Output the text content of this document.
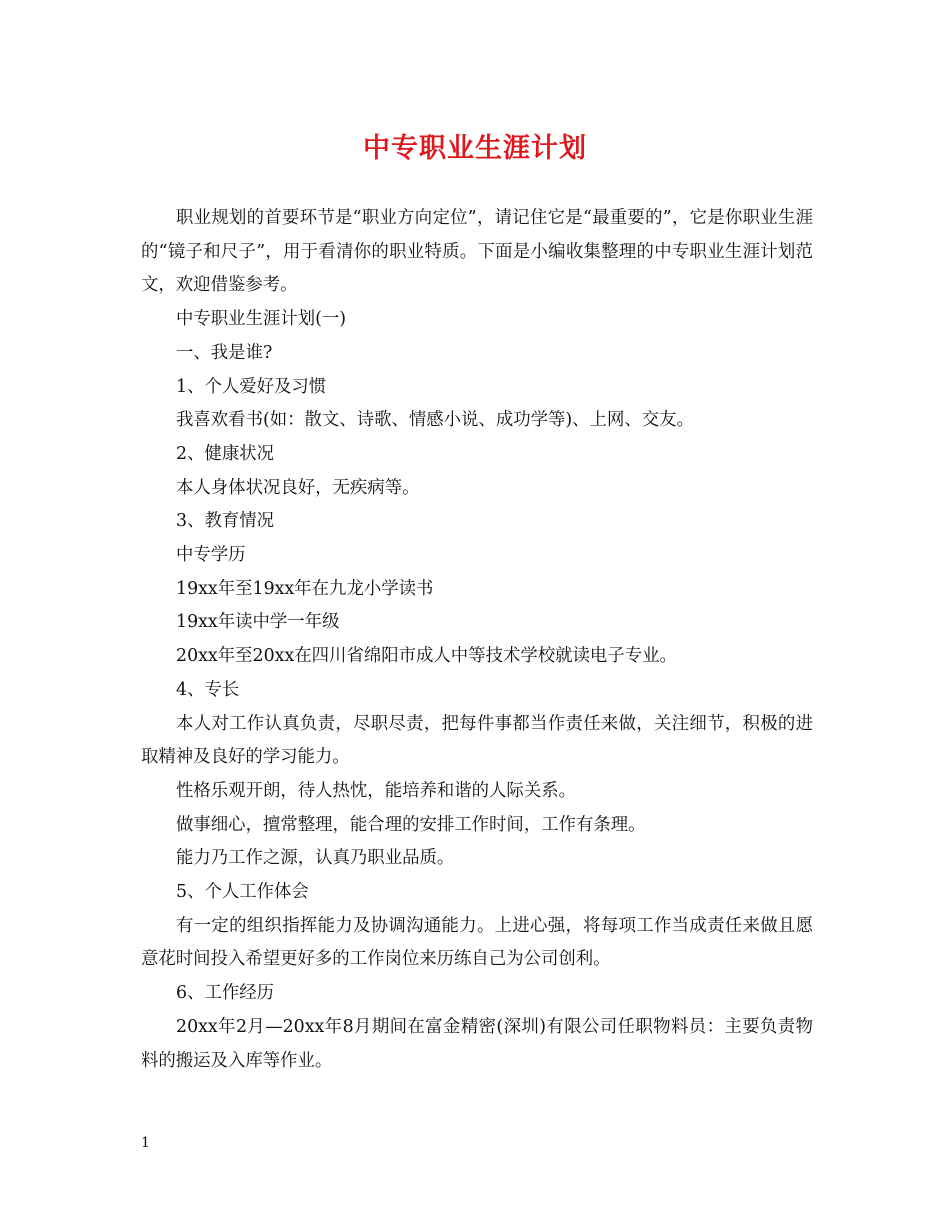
中专职业生涯计划

职业规划的首要环节是“职业方向定位”，请记住它是“最重要的”，它是你职业生涯的“镜子和尺子”，用于看清你的职业特质。下面是小编收集整理的中专职业生涯计划范文，欢迎借鉴参考。

中专职业生涯计划(一)

一、我是谁?

1、个人爱好及习惯

我喜欢看书(如：散文、诗歌、情感小说、成功学等)、上网、交友。

2、健康状况

本人身体状况良好，无疾病等。

3、教育情况

中专学历

19xx年至19xx年在九龙小学读书

19xx年读中学一年级

20xx年至20xx在四川省绵阳市成人中等技术学校就读电子专业。

4、专长

本人对工作认真负责，尽职尽责，把每件事都当作责任来做，关注细节，积极的进取精神及良好的学习能力。

性格乐观开朗，待人热忱，能培养和谐的人际关系。

做事细心，擅常整理，能合理的安排工作时间，工作有条理。

能力乃工作之源，认真乃职业品质。

5、个人工作体会

有一定的组织指挥能力及协调沟通能力。上进心强，将每项工作当成责任来做且愿意花时间投入希望更好多的工作岗位来历练自己为公司创利。

6、工作经历

20xx年2月—20xx年8月期间在富金精密(深圳)有限公司任职物料员：主要负责物料的搬运及入库等作业。

1
